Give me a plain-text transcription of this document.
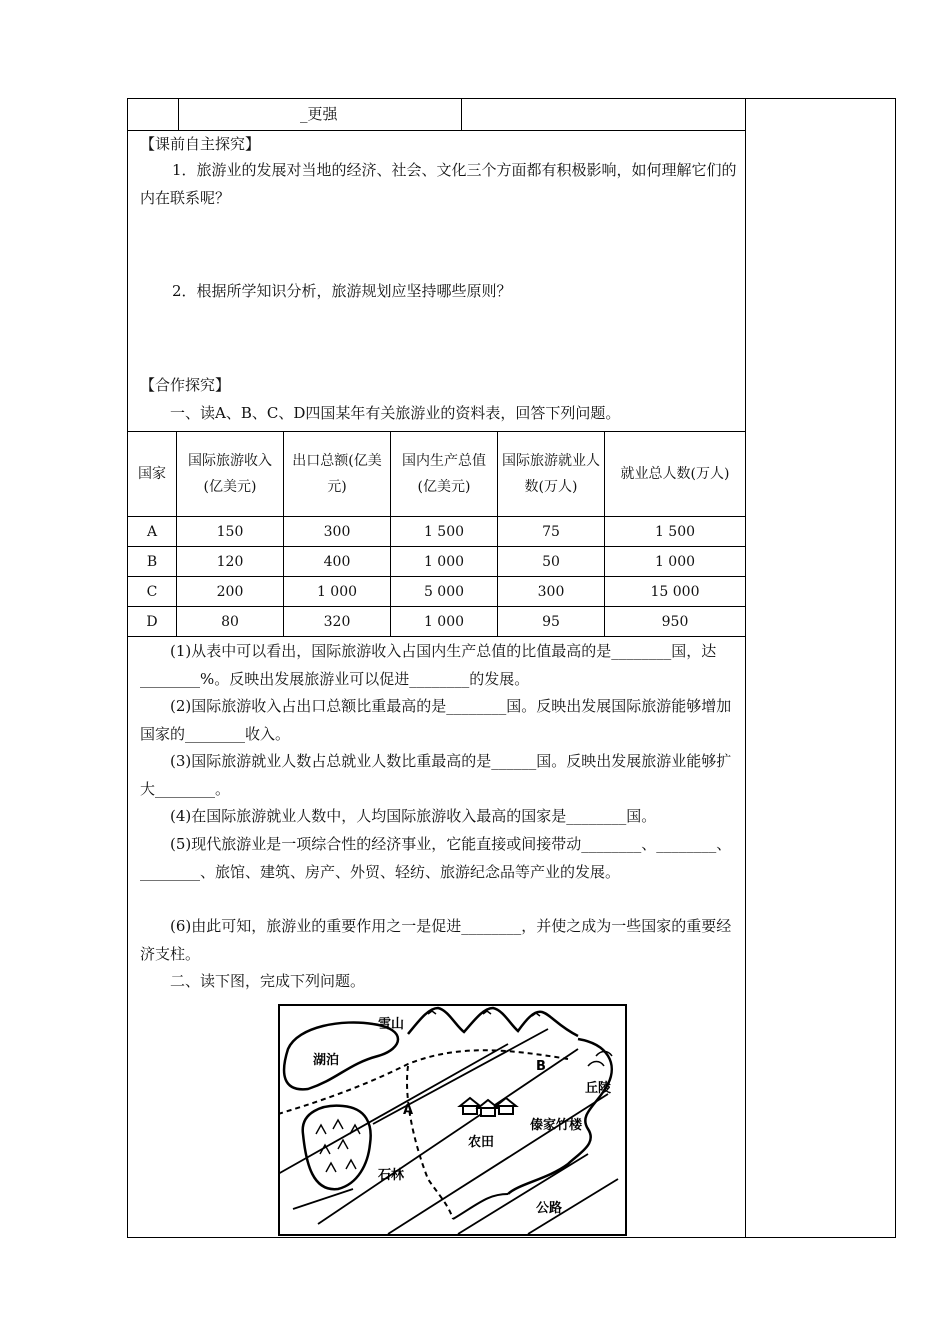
_更强
【课前自主探究】
1．旅游业的发展对当地的经济、社会、文化三个方面都有积极影响，如何理解它们的内在联系呢？
2．根据所学知识分析，旅游规划应坚持哪些原则？
【合作探究】
一、读A、B、C、D四国某年有关旅游业的资料表，回答下列问题。
国家	国际旅游收入(亿美元)	出口总额(亿美元)	国内生产总值(亿美元)	国际旅游就业人数(万人)	就业总人数(万人)
A	150	300	1 500	75	1 500
B	120	400	1 000	50	1 000
C	200	1 000	5 000	300	15 000
D	80	320	1 000	95	950
(1)从表中可以看出，国际旅游收入占国内生产总值的比值最高的是________国，达________%。反映出发展旅游业可以促进________的发展。
(2)国际旅游收入占出口总额比重最高的是________国。反映出发展国际旅游能够增加国家的________收入。
(3)国际旅游就业人数占总就业人数比重最高的是______国。反映出发展旅游业能够扩大________。
(4)在国际旅游就业人数中，人均国际旅游收入最高的国家是________国。
(5)现代旅游业是一项综合性的经济事业，它能直接或间接带动________、________、________、旅馆、建筑、房产、外贸、轻纺、旅游纪念品等产业的发展。
(6)由此可知，旅游业的重要作用之一是促进________，并使之成为一些国家的重要经济支柱。
二、读下图，完成下列问题。
雪山
湖泊
丘陵
A
B
傣家竹楼
农田
石林
公路
